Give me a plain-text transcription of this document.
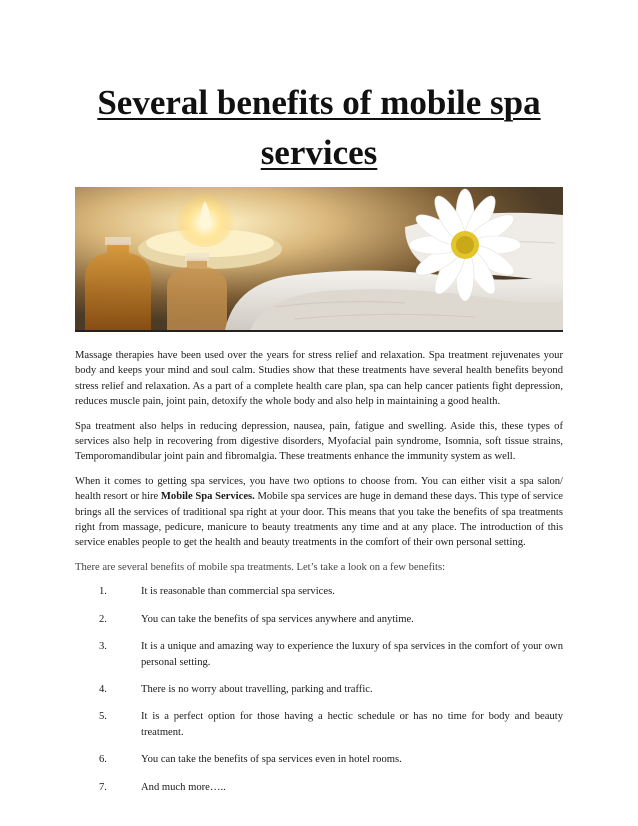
Several benefits of mobile spa services

Massage therapies have been used over the years for stress relief and relaxation. Spa treatment rejuvenates your body and keeps your mind and soul calm. Studies show that these treatments have several health benefits beyond stress relief and relaxation. As a part of a complete health care plan, spa can help cancer patients fight depression, reduces muscle pain, joint pain, detoxify the whole body and also help in maintaining a good health.

Spa treatment also helps in reducing depression, nausea, pain, fatigue and swelling. Aside this, these types of services also help in recovering from digestive disorders, Myofacial pain syndrome, Isomnia, soft tissue strains, Temporomandibular joint pain and fibromalgia. These treatments enhance the immunity system as well.

When it comes to getting spa services, you have two options to choose from. You can either visit a spa salon/ health resort or hire Mobile Spa Services. Mobile spa services are huge in demand these days. This type of service brings all the services of traditional spa right at your door. This means that you take the benefits of spa treatments right from massage, pedicure, manicure to beauty treatments any time and at any place. The introduction of this service enables people to get the health and beauty treatments in the comfort of their own personal setting.

There are several benefits of mobile spa treatments. Let’s take a look on a few benefits:

1.	It is reasonable than commercial spa services.
2.	You can take the benefits of spa services anywhere and anytime.
3.	It is a unique and amazing way to experience the luxury of spa services in the comfort of your own personal setting.
4.	There is no worry about travelling, parking and traffic.
5.	It is a perfect option for those having a hectic schedule or has no time for body and beauty treatment.
6.	You can take the benefits of spa services even in hotel rooms.
7.	And much more…..
